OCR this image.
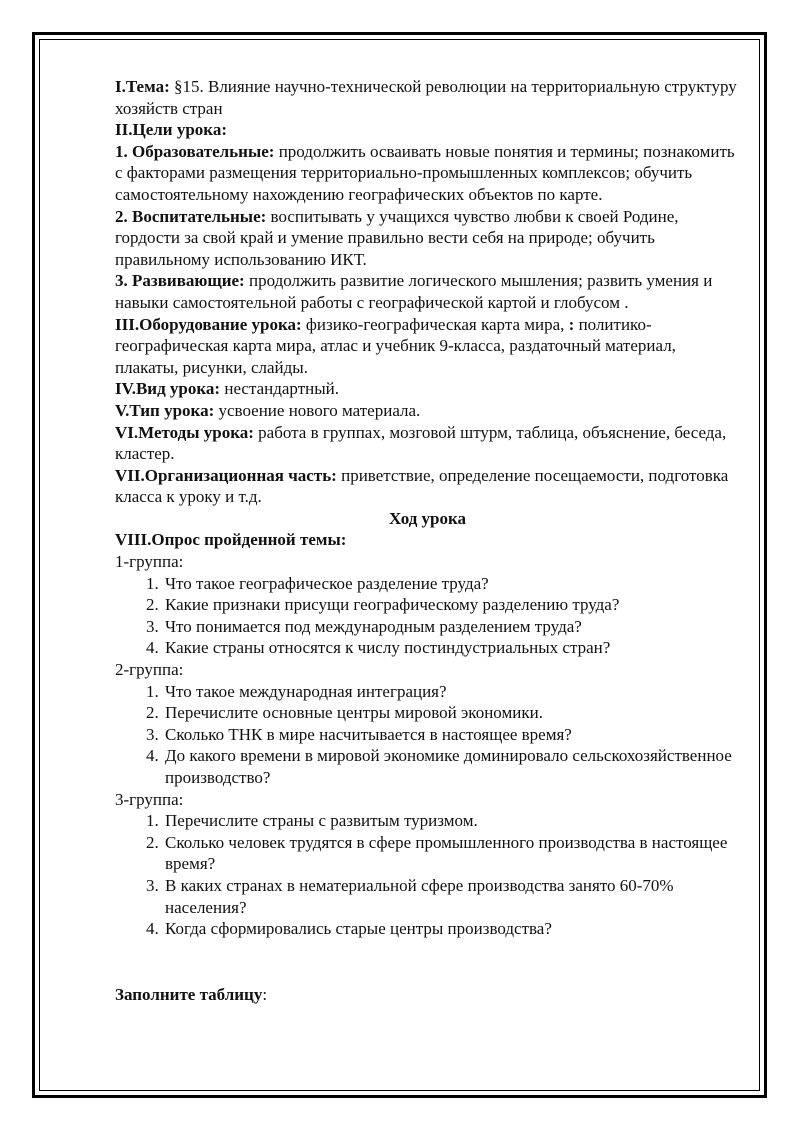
I.Тема: §15. Влияние научно-технической революции на территориальную структуру хозяйств стран

II.Цели урока:

1. Образовательные: продолжить осваивать новые понятия и термины; познакомить с факторами размещения территориально-промышленных комплексов; обучить самостоятельному нахождению географических объектов по карте.

2. Воспитательные: воспитывать у учащихся чувство любви к своей Родине, гордости за свой край и умение правильно вести себя на природе; обучить правильному использованию ИКТ.

3. Развивающие: продолжить развитие логического мышления; развить умения и навыки самостоятельной работы с географической картой и глобусом .

III.Оборудование урока: физико-географическая карта мира, : политико-географическая карта мира, атлас и учебник 9-класса, раздаточный материал, плакаты, рисунки, слайды.

IV.Вид урока: нестандартный.

V.Тип урока: усвоение нового материала.

VI.Методы урока: работа в группах, мозговой штурм, таблица, объяснение, беседа, кластер.

VII.Организационная часть: приветствие, определение посещаемости, подготовка класса к уроку и т.д.

Ход урока

VIII.Опрос пройденной темы:

1-группа:

1. Что такое географическое разделение труда?
2. Какие признаки присущи географическому разделению труда?
3. Что понимается под международным разделением труда?
4. Какие страны относятся к числу постиндустриальных стран?

2-группа:

1. Что такое международная интеграция?
2. Перечислите основные центры мировой экономики.
3. Сколько ТНК в мире насчитывается в настоящее время?
4. До какого времени в мировой экономике доминировало сельскохозяйственное производство?

3-группа:

1. Перечислите страны с развитым туризмом.
2. Сколько человек трудятся в сфере промышленного производства в настоящее время?
3. В каких странах в нематериальной сфере производства занято 60-70% населения?
4. Когда сформировались старые центры производства?

Заполните таблицу:
